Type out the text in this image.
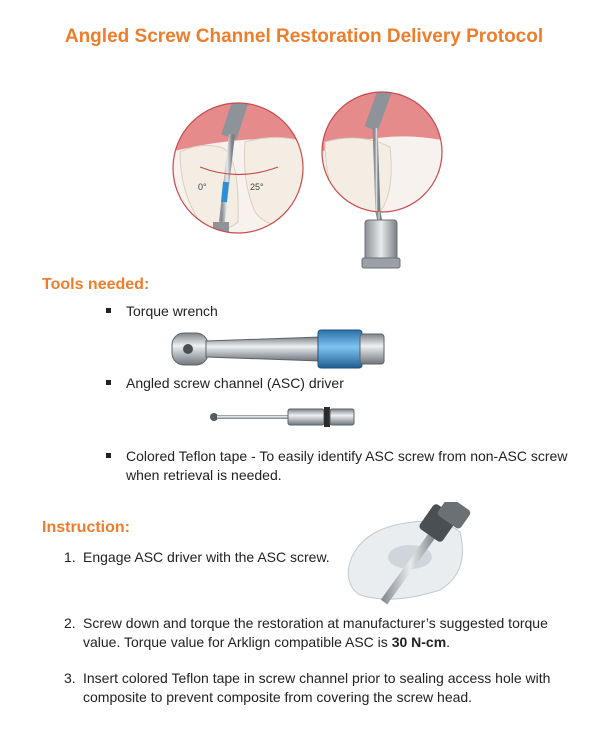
Angled Screw Channel Restoration Delivery Protocol
0°	25°
Tools needed:
Torque wrench
Angled screw channel (ASC) driver
Colored Teflon tape - To easily identify ASC screw from non-ASC screw when retrieval is needed.
Instruction:
1. Engage ASC driver with the ASC screw.
2. Screw down and torque the restoration at manufacturer’s suggested torque value. Torque value for Arklign compatible ASC is 30 N-cm.
3. Insert colored Teflon tape in screw channel prior to sealing access hole with composite to prevent composite from covering the screw head.
